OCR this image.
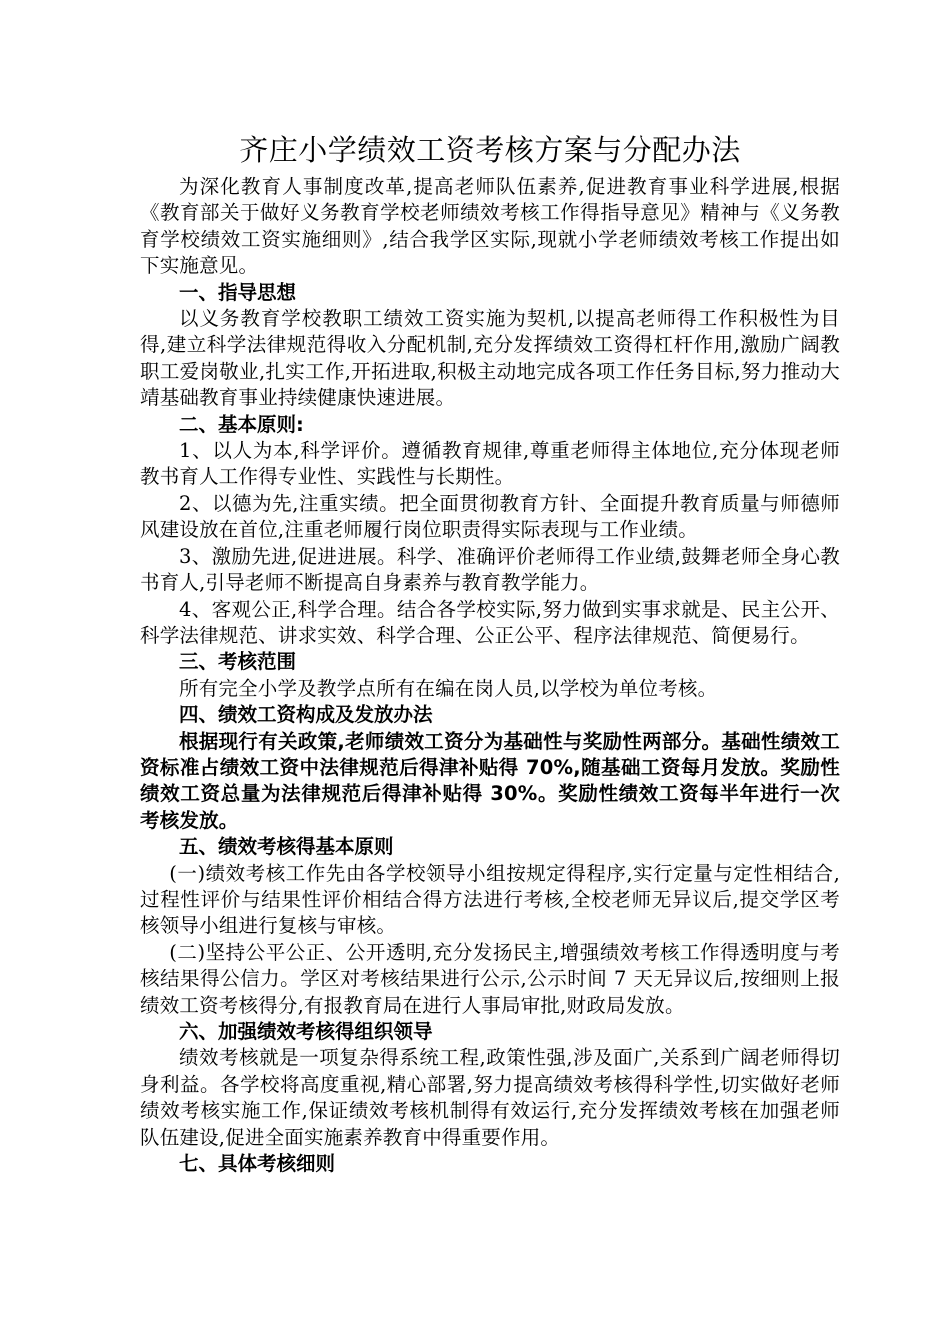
齐庄小学绩效工资考核方案与分配办法

为深化教育人事制度改革,提高老师队伍素养,促进教育事业科学进展,根据《教育部关于做好义务教育学校老师绩效考核工作得指导意见》精神与《义务教育学校绩效工资实施细则》,结合我学区实际,现就小学老师绩效考核工作提出如下实施意见。

一、指导思想

以义务教育学校教职工绩效工资实施为契机,以提高老师得工作积极性为目得,建立科学法律规范得收入分配机制,充分发挥绩效工资得杠杆作用,激励广阔教职工爱岗敬业,扎实工作,开拓进取,积极主动地完成各项工作任务目标,努力推动大靖基础教育事业持续健康快速进展。

二、基本原则:

1、以人为本,科学评价。遵循教育规律,尊重老师得主体地位,充分体现老师教书育人工作得专业性、实践性与长期性。

2、以德为先,注重实绩。把全面贯彻教育方针、全面提升教育质量与师德师风建设放在首位,注重老师履行岗位职责得实际表现与工作业绩。

3、激励先进,促进进展。科学、准确评价老师得工作业绩,鼓舞老师全身心教书育人,引导老师不断提高自身素养与教育教学能力。

4、客观公正,科学合理。结合各学校实际,努力做到实事求就是、民主公开、科学法律规范、讲求实效、科学合理、公正公平、程序法律规范、简便易行。

三、考核范围

所有完全小学及教学点所有在编在岗人员,以学校为单位考核。

四、绩效工资构成及发放办法

根据现行有关政策,老师绩效工资分为基础性与奖励性两部分。基础性绩效工资标准占绩效工资中法律规范后得津补贴得 70%,随基础工资每月发放。奖励性绩效工资总量为法律规范后得津补贴得 30%。奖励性绩效工资每半年进行一次考核发放。

五、绩效考核得基本原则

(一)绩效考核工作先由各学校领导小组按规定得程序,实行定量与定性相结合,过程性评价与结果性评价相结合得方法进行考核,全校老师无异议后,提交学区考核领导小组进行复核与审核。

(二)坚持公平公正、公开透明,充分发扬民主,增强绩效考核工作得透明度与考核结果得公信力。学区对考核结果进行公示,公示时间 7 天无异议后,按细则上报绩效工资考核得分,有报教育局在进行人事局审批,财政局发放。

六、加强绩效考核得组织领导

绩效考核就是一项复杂得系统工程,政策性强,涉及面广,关系到广阔老师得切身利益。各学校将高度重视,精心部署,努力提高绩效考核得科学性,切实做好老师绩效考核实施工作,保证绩效考核机制得有效运行,充分发挥绩效考核在加强老师队伍建设,促进全面实施素养教育中得重要作用。

七、具体考核细则
